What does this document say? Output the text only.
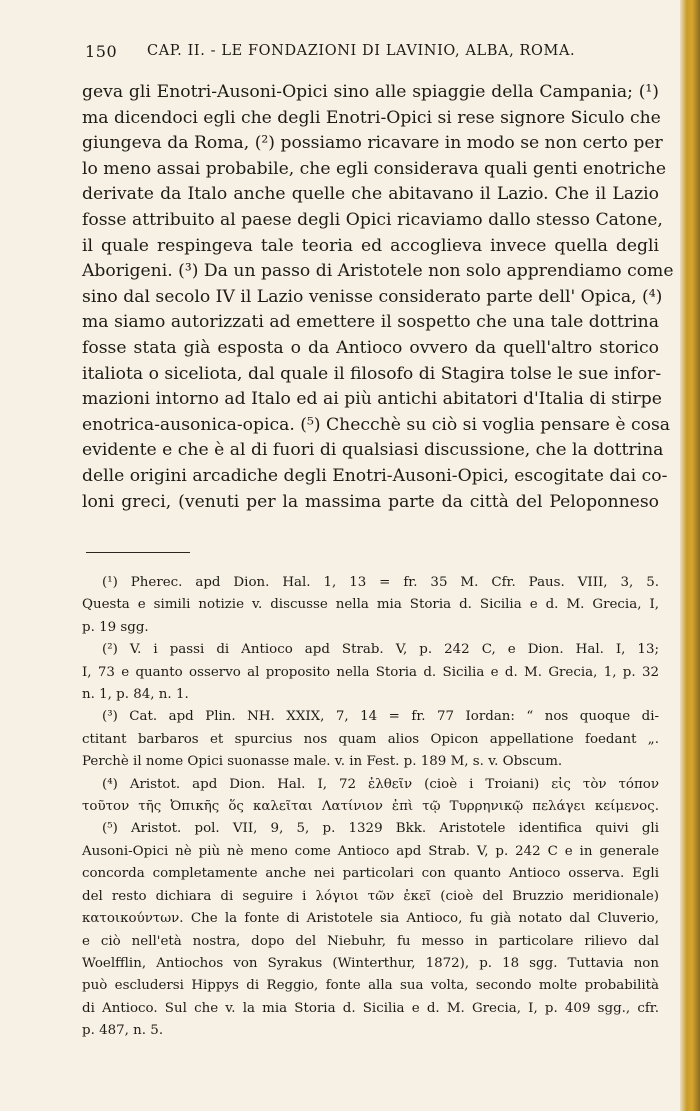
150 CAP. II. - LE FONDAZIONI DI LAVINIO, ALBA, ROMA.
geva gli Enotri-Ausoni-Opici sino alle spiaggie della Campania; (¹)
ma dicendoci egli che degli Enotri-Opici si rese signore Siculo che
giungeva da Roma, (²) possiamo ricavare in modo se non certo per
lo meno assai probabile, che egli considerava quali genti enotriche
derivate da Italo anche quelle che abitavano il Lazio. Che il Lazio
fosse attribuito al paese degli Opici ricaviamo dallo stesso Catone,
il quale respingeva tale teoria ed accoglieva invece quella degli
Aborigeni. (³) Da un passo di Aristotele non solo apprendiamo come
sino dal secolo IV il Lazio venisse considerato parte dell' Opica, (⁴)
ma siamo autorizzati ad emettere il sospetto che una tale dottrina
fosse stata già esposta o da Antioco ovvero da quell'altro storico
italiota o siceliota, dal quale il filosofo di Stagira tolse le sue infor-
mazioni intorno ad Italo ed ai più antichi abitatori d'Italia di stirpe
enotrica-ausonica-opica. (⁵) Checchè su ciò si voglia pensare è cosa
evidente e che è al di fuori di qualsiasi discussione, che la dottrina
delle origini arcadiche degli Enotri-Ausoni-Opici, escogitate dai co-
loni greci, (venuti per la massima parte da città del Peloponneso
(¹) Pherec. apd Dion. Hal. 1, 13 = fr. 35 M. Cfr. Paus. VIII, 3, 5.
Questa e simili notizie v. discusse nella mia Storia d. Sicilia e d. M. Grecia, I,
p. 19 sgg.
(²) V. i passi di Antioco apd Strab. V, p. 242 C, e Dion. Hal. I, 13;
I, 73 e quanto osservo al proposito nella Storia d. Sicilia e d. M. Grecia, 1, p. 32
n. 1, p. 84, n. 1.
(³) Cat. apd Plin. NH. XXIX, 7, 14 = fr. 77 Iordan: “ nos quoque di-
ctitant barbaros et spurcius nos quam alios Opicon appellatione foedant „.
Perchè il nome Opici suonasse male. v. in Fest. p. 189 M, s. v. Obscum.
(⁴) Aristot. apd Dion. Hal. I, 72 ἐλθεῖν (cioè i Troiani) εἰς τὸν τόπον
τοῦτον τῆς Ὀπικῆς ὅς καλεῖται Λατίνιον ἐπὶ τῷ Τυρρηνικῷ πελάγει κείμενος.
(⁵) Aristot. pol. VII, 9, 5, p. 1329 Bkk. Aristotele identifica quivi gli
Ausoni-Opici nè più nè meno come Antioco apd Strab. V, p. 242 C e in generale
concorda completamente anche nei particolari con quanto Antioco osserva. Egli
del resto dichiara di seguire i λόγιοι τῶν ἐκεῖ (cioè del Bruzzio meridionale)
κατοικούντων. Che la fonte di Aristotele sia Antioco, fu già notato dal Cluverio,
e ciò nell'età nostra, dopo del Niebuhr, fu messo in particolare rilievo dal
Woelfflin, Antiochos von Syrakus (Winterthur, 1872), p. 18 sgg. Tuttavia non
può escludersi Hippys di Reggio, fonte alla sua volta, secondo molte probabilità
di Antioco. Sul che v. la mia Storia d. Sicilia e d. M. Grecia, I, p. 409 sgg., cfr.
p. 487, n. 5.
